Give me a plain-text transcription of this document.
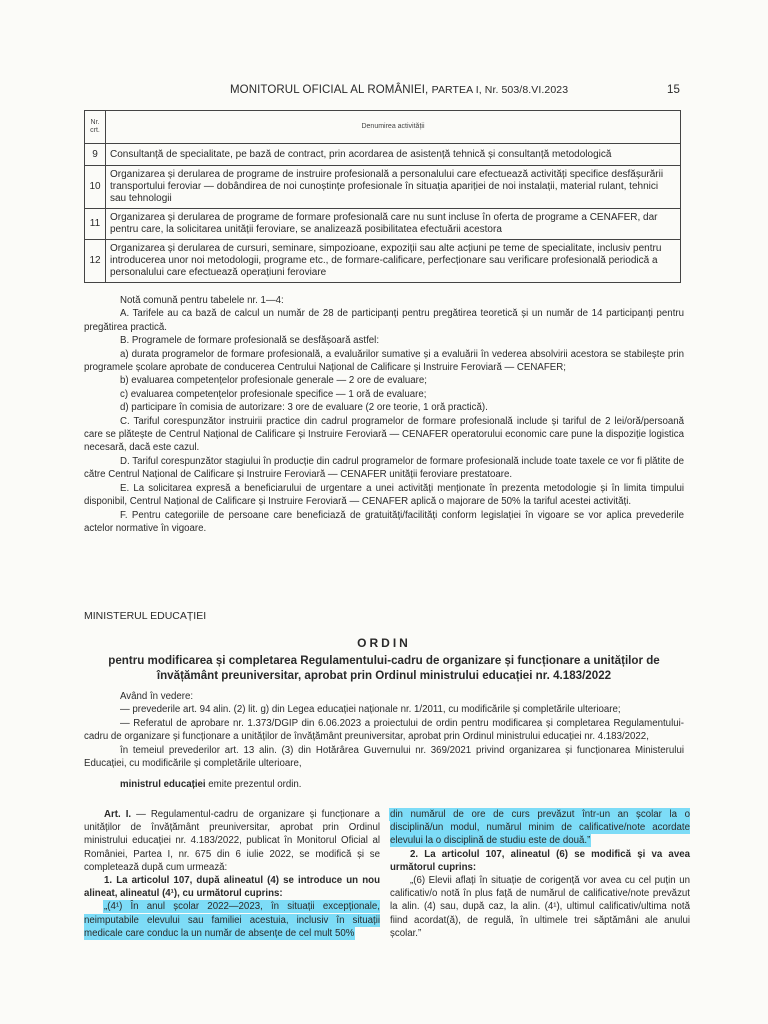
MONITORUL OFICIAL AL ROMÂNIEI, PARTEA I, Nr. 503/8.VI.2023	15
Nr. crt.	Denumirea activității
9	Consultanță de specialitate, pe bază de contract, prin acordarea de asistență tehnică și consultanță metodologică
10	Organizarea și derularea de programe de instruire profesională a personalului care efectuează activități specifice desfășurării transportului feroviar — dobândirea de noi cunoștințe profesionale în situația apariției de noi instalații, material rulant, tehnici sau tehnologii
11	Organizarea și derularea de programe de formare profesională care nu sunt incluse în oferta de programe a CENAFER, dar pentru care, la solicitarea unității feroviare, se analizează posibilitatea efectuării acestora
12	Organizarea și derularea de cursuri, seminare, simpozioane, expoziții sau alte acțiuni pe teme de specialitate, inclusiv pentru introducerea unor noi metodologii, programe etc., de formare-calificare, perfecționare sau verificare profesională periodică a personalului care efectuează operațiuni feroviare

Notă comună pentru tabelele nr. 1—4:

A. Tarifele au ca bază de calcul un număr de 28 de participanți pentru pregătirea teoretică și un număr de 14 participanți pentru pregătirea practică.

B. Programele de formare profesională se desfășoară astfel:

a) durata programelor de formare profesională, a evaluărilor sumative și a evaluării în vederea absolvirii acestora se stabilește prin programele școlare aprobate de conducerea Centrului Național de Calificare și Instruire Feroviară — CENAFER;

b) evaluarea competențelor profesionale generale — 2 ore de evaluare;

c) evaluarea competențelor profesionale specifice — 1 oră de evaluare;

d) participare în comisia de autorizare: 3 ore de evaluare (2 ore teorie, 1 oră practică).

C. Tariful corespunzător instruirii practice din cadrul programelor de formare profesională include și tariful de 2 lei/oră/persoană care se plătește de Centrul Național de Calificare și Instruire Feroviară — CENAFER operatorului economic care pune la dispoziție logistica necesară, dacă este cazul.

D. Tariful corespunzător stagiului în producție din cadrul programelor de formare profesională include toate taxele ce vor fi plătite de către Centrul Național de Calificare și Instruire Feroviară — CENAFER unității feroviare prestatoare.

E. La solicitarea expresă a beneficiarului de urgentare a unei activități menționate în prezenta metodologie și în limita timpului disponibil, Centrul Național de Calificare și Instruire Feroviară — CENAFER aplică o majorare de 50% la tariful acestei activități.

F. Pentru categoriile de persoane care beneficiază de gratuități/facilități conform legislației în vigoare se vor aplica prevederile actelor normative în vigoare.

MINISTERUL EDUCAȚIEI
ORDIN
pentru modificarea și completarea Regulamentului-cadru de organizare și funcționare a unităților de învățământ preuniversitar, aprobat prin Ordinul ministrului educației nr. 4.183/2022

Având în vedere:

— prevederile art. 94 alin. (2) lit. g) din Legea educației naționale nr. 1/2011, cu modificările și completările ulterioare;

— Referatul de aprobare nr. 1.373/DGIP din 6.06.2023 a proiectului de ordin pentru modificarea și completarea Regulamentului-cadru de organizare și funcționare a unităților de învățământ preuniversitar, aprobat prin Ordinul ministrului educației nr. 4.183/2022,

în temeiul prevederilor art. 13 alin. (3) din Hotărârea Guvernului nr. 369/2021 privind organizarea și funcționarea Ministerului Educației, cu modificările și completările ulterioare,

ministrul educației emite prezentul ordin.

Art. I. — Regulamentul-cadru de organizare și funcționare a unităților de învățământ preuniversitar, aprobat prin Ordinul ministrului educației nr. 4.183/2022, publicat în Monitorul Oficial al României, Partea I, nr. 675 din 6 iulie 2022, se modifică și se completează după cum urmează:

1. La articolul 107, după alineatul (4) se introduce un nou alineat, alineatul (4¹), cu următorul cuprins:

„(4¹) În anul școlar 2022—2023, în situații excepționale, neimputabile elevului sau familiei acestuia, inclusiv în situații medicale care conduc la un număr de absențe de cel mult 50%

din numărul de ore de curs prevăzut într-un an școlar la o disciplină/un modul, numărul minim de calificative/note acordate elevului la o disciplină de studiu este de două.”

2. La articolul 107, alineatul (6) se modifică și va avea următorul cuprins:

„(6) Elevii aflați în situație de corigență vor avea cu cel puțin un calificativ/o notă în plus față de numărul de calificative/note prevăzut la alin. (4) sau, după caz, la alin. (4¹), ultimul calificativ/ultima notă fiind acordat(ă), de regulă, în ultimele trei săptămâni ale anului școlar.”
